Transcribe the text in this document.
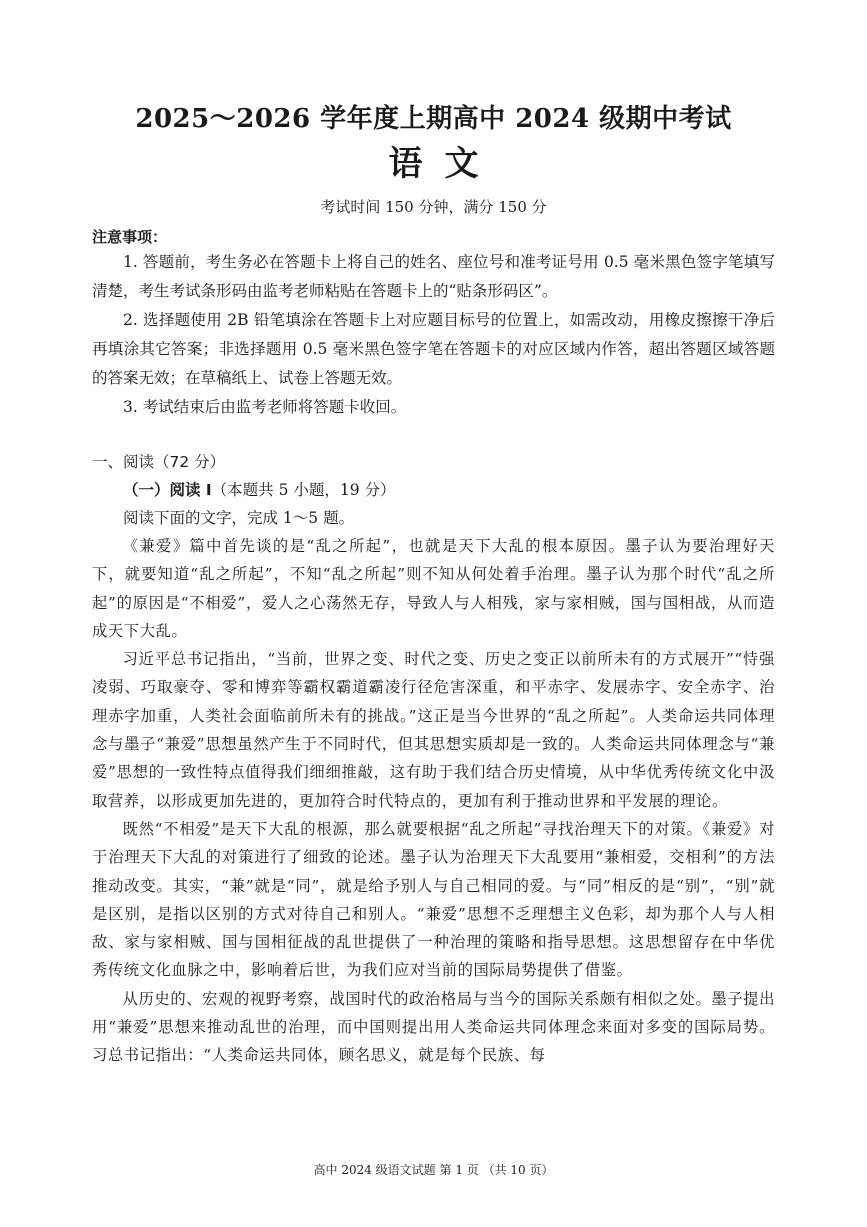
2025～2026 学年度上期高中 2024 级期中考试
语文
考试时间 150 分钟，满分 150 分
注意事项：

1. 答题前，考生务必在答题卡上将自己的姓名、座位号和准考证号用 0.5 毫米黑色签字笔填写清楚，考生考试条形码由监考老师粘贴在答题卡上的“贴条形码区”。

2. 选择题使用 2B 铅笔填涂在答题卡上对应题目标号的位置上，如需改动，用橡皮擦擦干净后再填涂其它答案；非选择题用 0.5 毫米黑色签字笔在答题卡的对应区域内作答，超出答题区域答题的答案无效；在草稿纸上、试卷上答题无效。

3. 考试结束后由监考老师将答题卡收回。

一、阅读（72 分）
（一）阅读 I（本题共 5 小题，19 分）

阅读下面的文字，完成 1～5 题。

《兼爱》篇中首先谈的是“乱之所起”，也就是天下大乱的根本原因。墨子认为要治理好天下，就要知道“乱之所起”，不知“乱之所起”则不知从何处着手治理。墨子认为那个时代“乱之所起”的原因是“不相爱”，爱人之心荡然无存，导致人与人相残，家与家相贼，国与国相战，从而造成天下大乱。

习近平总书记指出，“当前，世界之变、时代之变、历史之变正以前所未有的方式展开”“恃强凌弱、巧取豪夺、零和博弈等霸权霸道霸凌行径危害深重，和平赤字、发展赤字、安全赤字、治理赤字加重，人类社会面临前所未有的挑战。”这正是当今世界的“乱之所起”。人类命运共同体理念与墨子“兼爱”思想虽然产生于不同时代，但其思想实质却是一致的。人类命运共同体理念与“兼爱”思想的一致性特点值得我们细细推敲，这有助于我们结合历史情境，从中华优秀传统文化中汲取营养，以形成更加先进的，更加符合时代特点的，更加有利于推动世界和平发展的理论。

既然“不相爱”是天下大乱的根源，那么就要根据“乱之所起”寻找治理天下的对策。《兼爱》对于治理天下大乱的对策进行了细致的论述。墨子认为治理天下大乱要用“兼相爱，交相利”的方法推动改变。其实，“兼”就是“同”，就是给予别人与自己相同的爱。与“同”相反的是“别”，“别”就是区别，是指以区别的方式对待自己和别人。“兼爱”思想不乏理想主义色彩，却为那个人与人相敌、家与家相贼、国与国相征战的乱世提供了一种治理的策略和指导思想。这思想留存在中华优秀传统文化血脉之中，影响着后世，为我们应对当前的国际局势提供了借鉴。

从历史的、宏观的视野考察，战国时代的政治格局与当今的国际关系颇有相似之处。墨子提出用“兼爱”思想来推动乱世的治理，而中国则提出用人类命运共同体理念来面对多变的国际局势。习总书记指出：“人类命运共同体，顾名思义，就是每个民族、每

高中 2024 级语文试题 第 1 页 （共 10 页）
